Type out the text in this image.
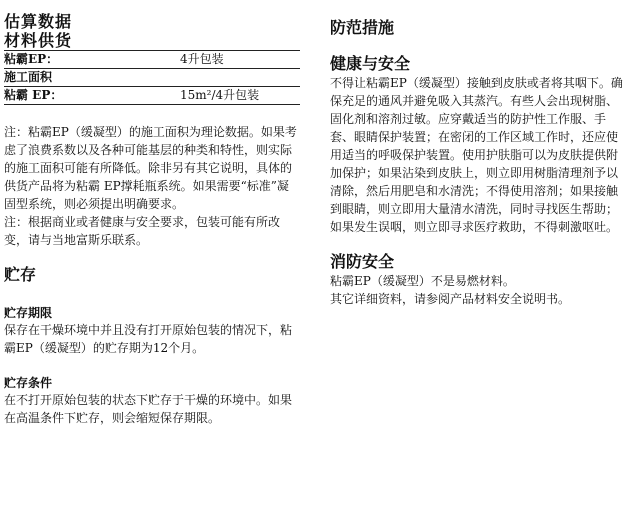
估算数据
材料供货
粘霸EP：	4升包装
施工面积	
粘霸 EP：	15m²/4升包装

注：粘霸EP（缓凝型）的施工面积为理论数据。如果考虑了浪费系数以及各种可能基层的种类和特性，则实际的施工面积可能有所降低。除非另有其它说明，具体的供货产品将为粘霸 EP撑耗瓶系统。如果需要“标准”凝固型系统，则必须提出明确要求。

注：根据商业或者健康与安全要求，包装可能有所改变，请与当地富斯乐联系。

贮存
贮存期限

保存在干燥环境中并且没有打开原始包装的情况下，粘霸EP（缓凝型）的贮存期为12个月。

贮存条件

在不打开原始包装的状态下贮存于干燥的环境中。如果在高温条件下贮存，则会缩短保存期限。

防范措施
健康与安全

不得让粘霸EP（缓凝型）接触到皮肤或者将其咽下。确保充足的通风并避免吸入其蒸汽。有些人会出现树脂、固化剂和溶剂过敏。应穿戴适当的防护性工作服、手套、眼睛保护装置；在密闭的工作区域工作时，还应使用适当的呼吸保护装置。使用护肤脂可以为皮肤提供附加保护；如果沾染到皮肤上，则立即用树脂清理剂予以清除，然后用肥皂和水清洗；不得使用溶剂；如果接触到眼睛，则立即用大量清水清洗，同时寻找医生帮助；如果发生误咽，则立即寻求医疗救助，不得刺激呕吐。

消防安全

粘霸EP（缓凝型）不是易燃材料。

其它详细资料，请参阅产品材料安全说明书。
